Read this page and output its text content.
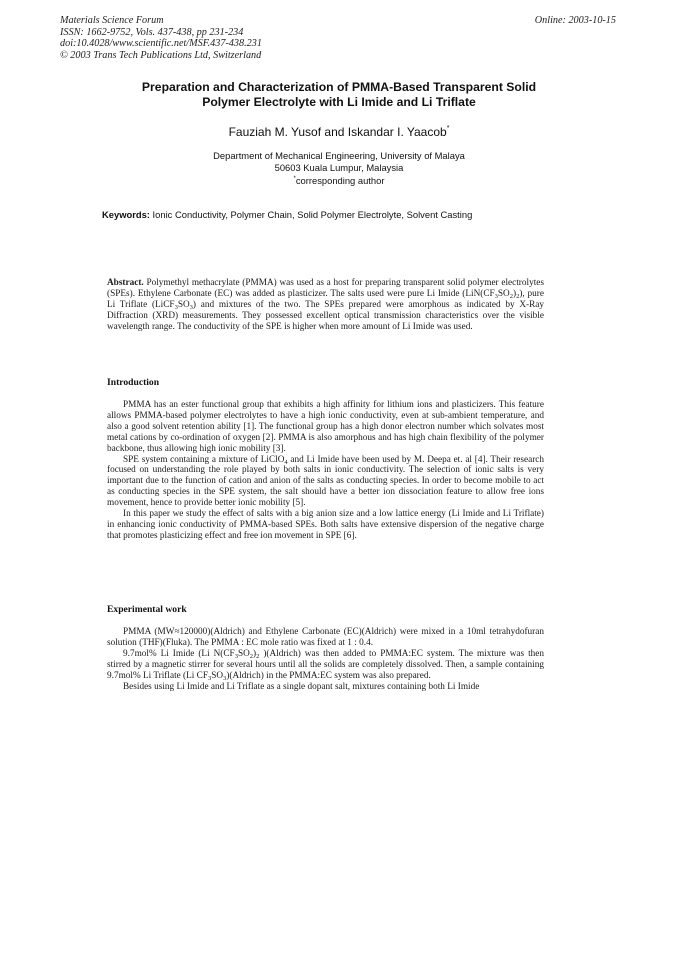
Materials Science Forum
ISSN: 1662-9752, Vols. 437-438, pp 231-234
doi:10.4028/www.scientific.net/MSF.437-438.231
© 2003 Trans Tech Publications Ltd, Switzerland
Online: 2003-10-15
Preparation and Characterization of PMMA-Based Transparent Solid
Polymer Electrolyte with Li Imide and Li Triflate
Fauziah M. Yusof and Iskandar I. Yaacob*
Department of Mechanical Engineering, University of Malaya
50603 Kuala Lumpur, Malaysia
*corresponding author
Keywords: Ionic Conductivity, Polymer Chain, Solid Polymer Electrolyte, Solvent Casting

Abstract. Polymethyl methacrylate (PMMA) was used as a host for preparing transparent solid polymer electrolytes (SPEs). Ethylene Carbonate (EC) was added as plasticizer. The salts used were pure Li Imide $(LiN(CF_3SO_2)_2)$, pure Li Triflate $(LiCF_3SO_3)$ and mixtures of the two. The SPEs prepared were amorphous as indicated by X-Ray Diffraction (XRD) measurements. They possessed excellent optical transmission characteristics over the visible wavelength range. The conductivity of the SPE is higher when more amount of Li Imide was used.

Introduction

PMMA has an ester functional group that exhibits a high affinity for lithium ions and plasticizers. This feature allows PMMA-based polymer electrolytes to have a high ionic conductivity, even at sub-ambient temperature, and also a good solvent retention ability [1]. The functional group has a high donor electron number which solvates most metal cations by co-ordination of oxygen [2]. PMMA is also amorphous and has high chain flexibility of the polymer backbone, thus allowing high ionic mobility [3].

SPE system containing a mixture of LiClO$_4$ and Li Imide have been used by M. Deepa et. al [4]. Their research focused on understanding the role played by both salts in ionic conductivity. The selection of ionic salts is very important due to the function of cation and anion of the salts as conducting species. In order to become mobile to act as conducting species in the SPE system, the salt should have a better ion dissociation feature to allow free ions movement, hence to provide better ionic mobility [5].

In this paper we study the effect of salts with a big anion size and a low lattice energy (Li Imide and Li Triflate) in enhancing ionic conductivity of PMMA-based SPEs. Both salts have extensive dispersion of the negative charge that promotes plasticizing effect and free ion movement in SPE [6].

Experimental work

PMMA (MW≈120000)(Aldrich) and Ethylene Carbonate (EC)(Aldrich) were mixed in a 10ml tetrahydofuran solution (THF)(Fluka). The PMMA : EC mole ratio was fixed at 1 : 0.4.

9.7mol% Li Imide (Li $N(CF_3SO_2)_2$ )(Aldrich) was then added to PMMA:EC system. The mixture was then stirred by a magnetic stirrer for several hours until all the solids are completely dissolved. Then, a sample containing 9.7mol% Li Triflate (Li $CF_3SO_3)(Aldrich)$ in the PMMA:EC system was also prepared.

Besides using Li Imide and Li Triflate as a single dopant salt, mixtures containing both Li Imide
